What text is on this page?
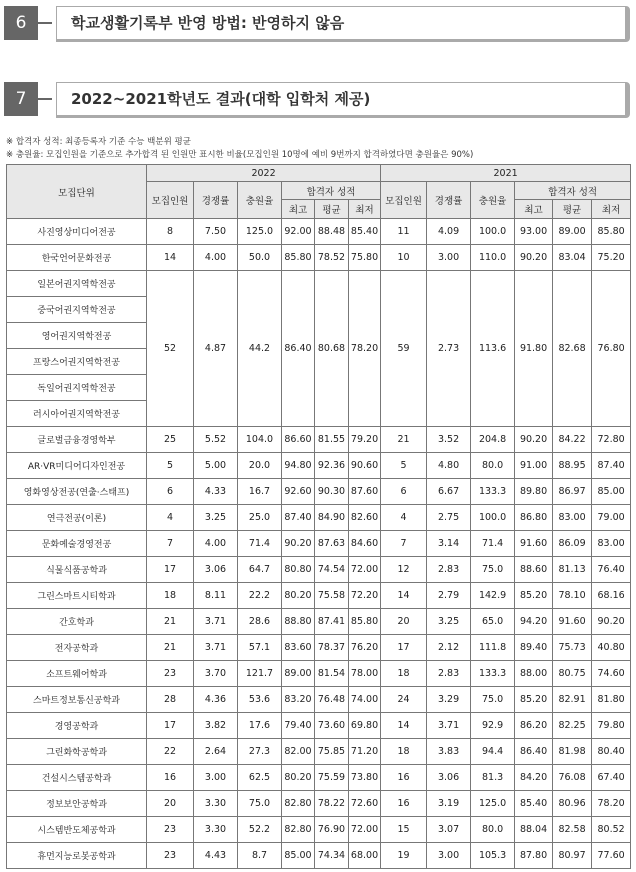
6	학교생활기록부 반영 방법: 반영하지 않음
7	2022~2021학년도 결과(대학 입학처 제공)
※ 합격자 성적: 최종등록자 기준 수능 백분위 평균
※ 충원율: 모집인원을 기준으로 추가합격 된 인원만 표시한 비율(모집인원 10명에 예비 9번까지 합격하였다면 충원율은 90%)
모집단위	2022						2021					
	모집인원	경쟁률	충원율	합격자 성적			모집인원	경쟁률	충원율	합격자 성적		
				최고	평균	최저				최고	평균	최저
사진영상미디어전공	8	7.50	125.0	92.00	88.48	85.40	11	4.09	100.0	93.00	89.00	85.80
한국언어문화전공	14	4.00	50.0	85.80	78.52	75.80	10	3.00	110.0	90.20	83.04	75.20
일본어권지역학전공	52	4.87	44.2	86.40	80.68	78.20	59	2.73	113.6	91.80	82.68	76.80
중국어권지역학전공												
영어권지역학전공												
프랑스어권지역학전공												
독일어권지역학전공												
러시아어권지역학전공												
글로벌금융경영학부	25	5.52	104.0	86.60	81.55	79.20	21	3.52	204.8	90.20	84.22	72.80
AR·VR미디어디자인전공	5	5.00	20.0	94.80	92.36	90.60	5	4.80	80.0	91.00	88.95	87.40
영화영상전공(연출·스태프)	6	4.33	16.7	92.60	90.30	87.60	6	6.67	133.3	89.80	86.97	85.00
연극전공(이론)	4	3.25	25.0	87.40	84.90	82.60	4	2.75	100.0	86.80	83.00	79.00
문화예술경영전공	7	4.00	71.4	90.20	87.63	84.60	7	3.14	71.4	91.60	86.09	83.00
식물식품공학과	17	3.06	64.7	80.80	74.54	72.00	12	2.83	75.0	88.60	81.13	76.40
그린스마트시티학과	18	8.11	22.2	80.20	75.58	72.20	14	2.79	142.9	85.20	78.10	68.16
간호학과	21	3.71	28.6	88.80	87.41	85.80	20	3.25	65.0	94.20	91.60	90.20
전자공학과	21	3.71	57.1	83.60	78.37	76.20	17	2.12	111.8	89.40	75.73	40.80
소프트웨어학과	23	3.70	121.7	89.00	81.54	78.00	18	2.83	133.3	88.00	80.75	74.60
스마트정보통신공학과	28	4.36	53.6	83.20	76.48	74.00	24	3.29	75.0	85.20	82.91	81.80
경영공학과	17	3.82	17.6	79.40	73.60	69.80	14	3.71	92.9	86.20	82.25	79.80
그린화학공학과	22	2.64	27.3	82.00	75.85	71.20	18	3.83	94.4	86.40	81.98	80.40
건설시스템공학과	16	3.00	62.5	80.20	75.59	73.80	16	3.06	81.3	84.20	76.08	67.40
정보보안공학과	20	3.30	75.0	82.80	78.22	72.60	16	3.19	125.0	85.40	80.96	78.20
시스템반도체공학과	23	3.30	52.2	82.80	76.90	72.00	15	3.07	80.0	88.04	82.58	80.52
휴먼지능로봇공학과	23	4.43	8.7	85.00	74.34	68.00	19	3.00	105.3	87.80	80.97	77.60
